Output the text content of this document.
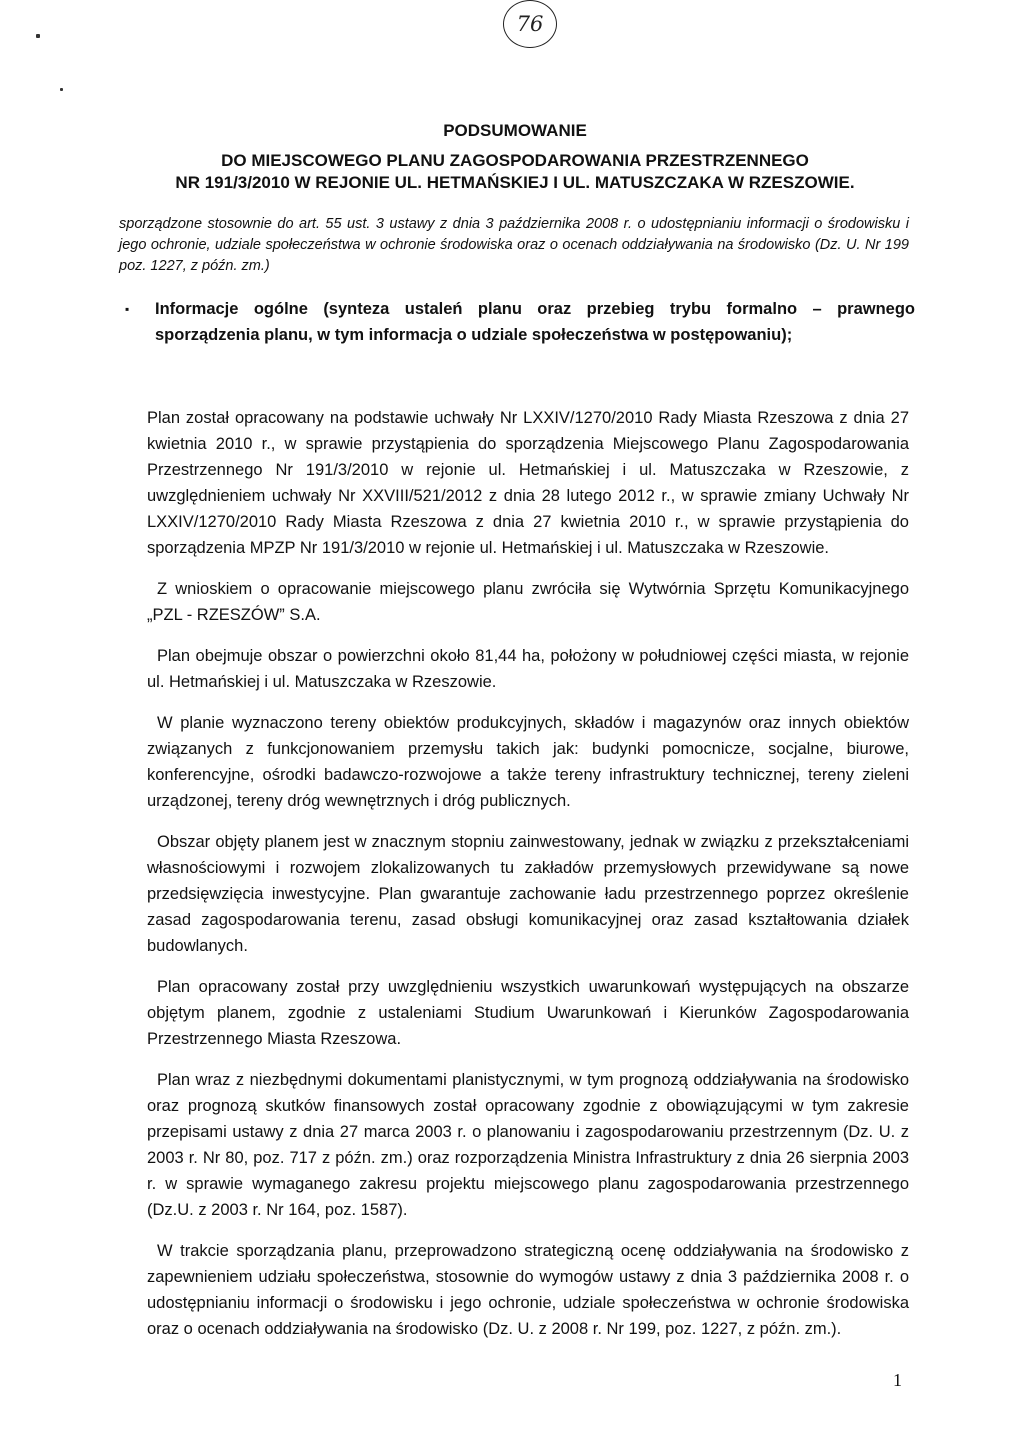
76
PODSUMOWANIE
DO MIEJSCOWEGO PLANU ZAGOSPODAROWANIA PRZESTRZENNEGO
NR 191/3/2010 W REJONIE UL. HETMAŃSKIEJ I UL. MATUSZCZAKA W RZESZOWIE.
sporządzone stosownie do art. 55 ust. 3 ustawy z dnia 3 października 2008 r. o udostępnianiu informacji o środowisku i jego ochronie, udziale społeczeństwa w ochronie środowiska oraz o ocenach oddziaływania na środowisko (Dz. U. Nr 199 poz. 1227, z późn. zm.)
▪	Informacje ogólne (synteza ustaleń planu oraz przebieg trybu formalno – prawnego sporządzenia planu, w tym informacja o udziale społeczeństwa w postępowaniu);

Plan został opracowany na podstawie uchwały Nr LXXIV/1270/2010 Rady Miasta Rzeszowa z dnia 27 kwietnia 2010 r., w sprawie przystąpienia do sporządzenia Miejscowego Planu Zagospodarowania Przestrzennego Nr 191/3/2010 w rejonie ul. Hetmańskiej i ul. Matuszczaka w Rzeszowie, z uwzględnieniem uchwały Nr XXVIII/521/2012 z dnia 28 lutego 2012 r., w sprawie zmiany Uchwały Nr LXXIV/1270/2010 Rady Miasta Rzeszowa z dnia 27 kwietnia 2010 r., w sprawie przystąpienia do sporządzenia MPZP Nr 191/3/2010 w rejonie ul. Hetmańskiej i ul. Matuszczaka w Rzeszowie.

Z wnioskiem o opracowanie miejscowego planu zwróciła się Wytwórnia Sprzętu Komunikacyjnego „PZL - RZESZÓW” S.A.

Plan obejmuje obszar o powierzchni około 81,44 ha, położony w południowej części miasta, w rejonie ul. Hetmańskiej i ul. Matuszczaka w Rzeszowie.

W planie wyznaczono tereny obiektów produkcyjnych, składów i magazynów oraz innych obiektów związanych z funkcjonowaniem przemysłu takich jak: budynki pomocnicze, socjalne, biurowe, konferencyjne, ośrodki badawczo-rozwojowe a także tereny infrastruktury technicznej, tereny zieleni urządzonej, tereny dróg wewnętrznych i dróg publicznych.

Obszar objęty planem jest w znacznym stopniu zainwestowany, jednak w związku z przekształceniami własnościowymi i rozwojem zlokalizowanych tu zakładów przemysłowych przewidywane są nowe przedsięwzięcia inwestycyjne. Plan gwarantuje zachowanie ładu przestrzennego poprzez określenie zasad zagospodarowania terenu, zasad obsługi komunikacyjnej oraz zasad kształtowania działek budowlanych.

Plan opracowany został przy uwzględnieniu wszystkich uwarunkowań występujących na obszarze objętym planem, zgodnie z ustaleniami Studium Uwarunkowań i Kierunków Zagospodarowania Przestrzennego Miasta Rzeszowa.

Plan wraz z niezbędnymi dokumentami planistycznymi, w tym prognozą oddziaływania na środowisko oraz prognozą skutków finansowych został opracowany zgodnie z obowiązującymi w tym zakresie przepisami ustawy z dnia 27 marca 2003 r. o planowaniu i zagospodarowaniu przestrzennym (Dz. U. z 2003 r. Nr 80, poz. 717 z późn. zm.) oraz rozporządzenia Ministra Infrastruktury z dnia 26 sierpnia 2003 r. w sprawie wymaganego zakresu projektu miejscowego planu zagospodarowania przestrzennego (Dz.U. z 2003 r. Nr 164, poz. 1587).

W trakcie sporządzania planu, przeprowadzono strategiczną ocenę oddziaływania na środowisko z zapewnieniem udziału społeczeństwa, stosownie do wymogów ustawy z dnia 3 października 2008 r. o udostępnianiu informacji o środowisku i jego ochronie, udziale społeczeństwa w ochronie środowiska oraz o ocenach oddziaływania na środowisko (Dz. U. z 2008 r. Nr 199, poz. 1227, z późn. zm.).

1
